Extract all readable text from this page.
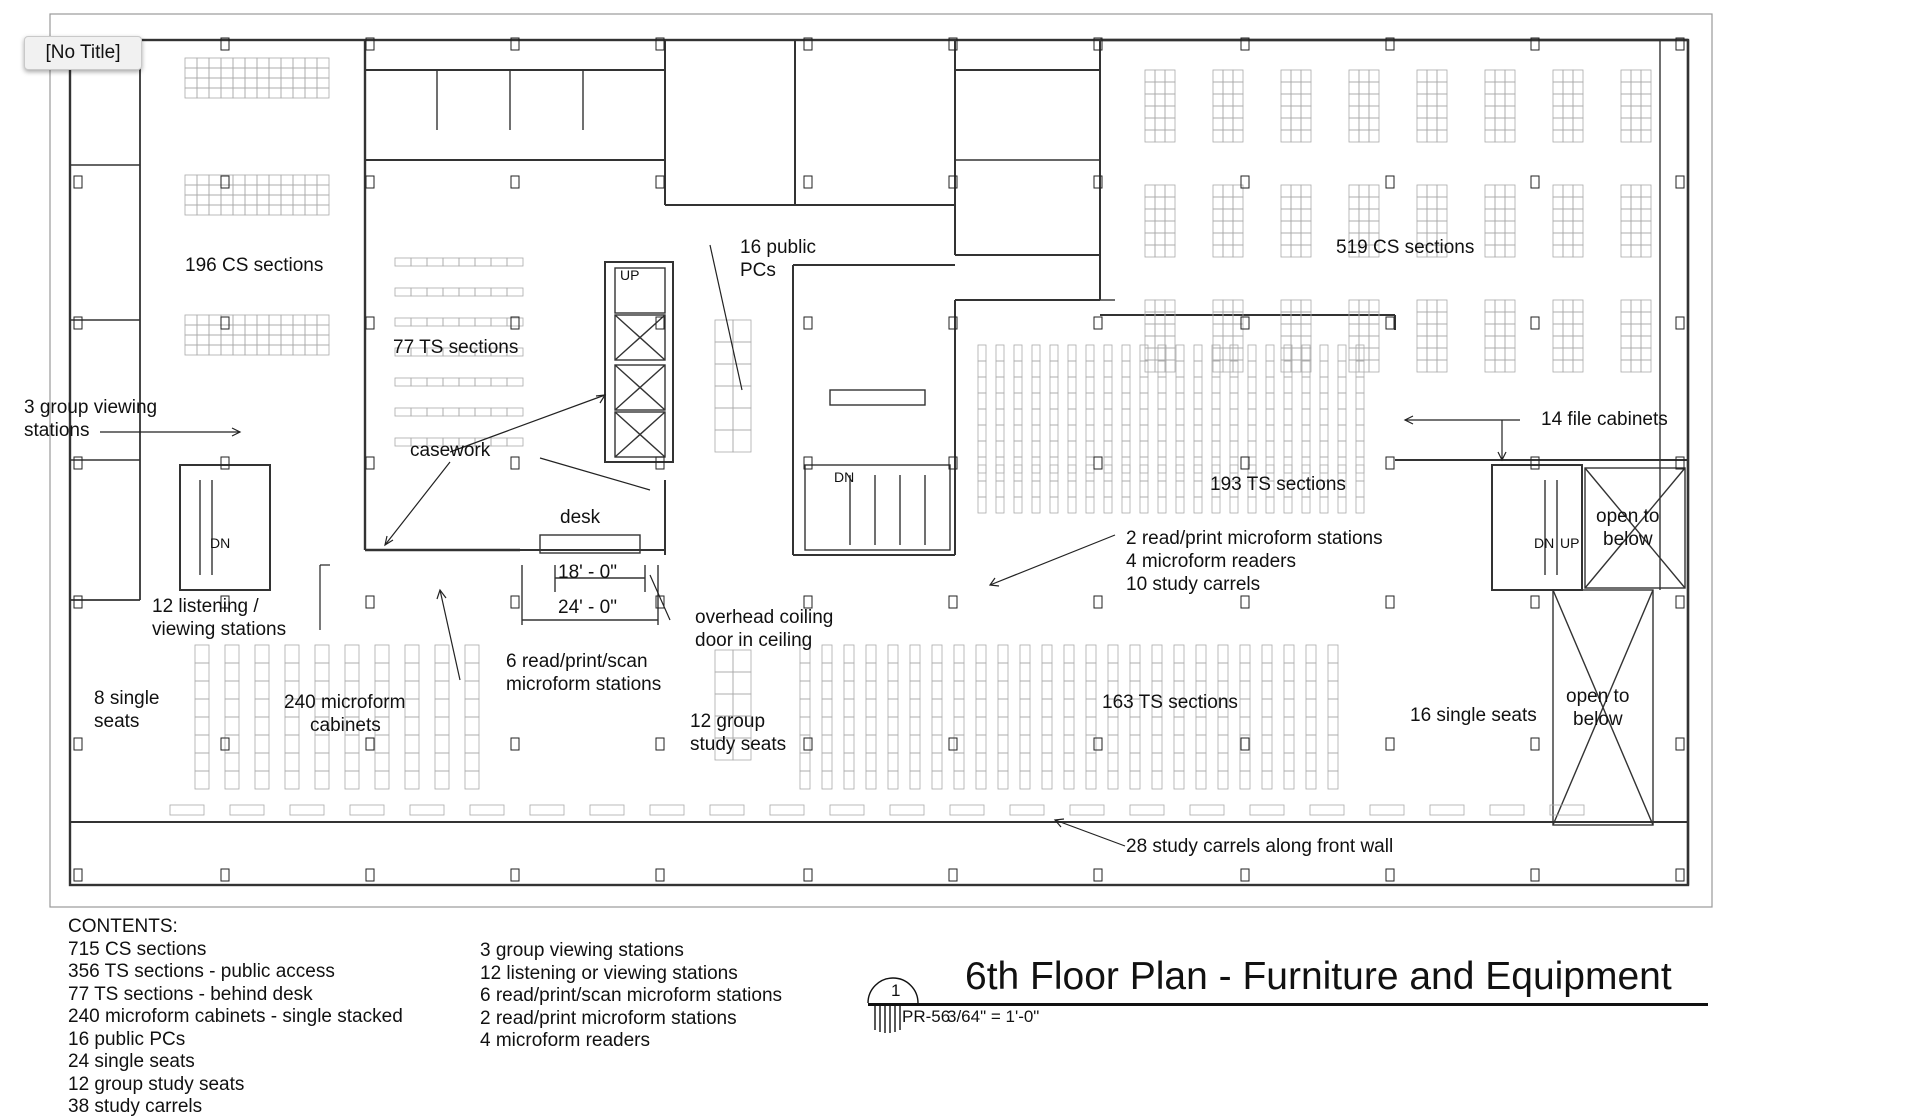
[No Title]
196 CS sections
77 TS sections
3 group viewing
stations
casework
desk
18' - 0"
24' - 0"
12 listening /
viewing stations
overhead coiling
door in ceiling
6 read/print/scan
microform stations
8 single
seats
240 microform
cabinets	12 group
study seats
16 public
PCs
519 CS sections
14 file cabinets
193 TS sections
2 read/print microform stations
4 microform readers
10 study carrels
163 TS sections
16 single seats
open to
below
open to
below
28 study carrels along front wall
UP
DN
DN
DN UP
CONTENTS:
715 CS sections
356 TS sections - public access
77 TS sections - behind desk
240 microform cabinets - single stacked
16 public PCs
24 single seats
12 group study seats
38 study carrels
3 group viewing stations
12 listening or viewing stations
6 read/print/scan microform stations
2 read/print microform stations
4 microform readers
1 6th Floor Plan - Furniture and Equipment
PR-56
3/64" = 1'-0"
